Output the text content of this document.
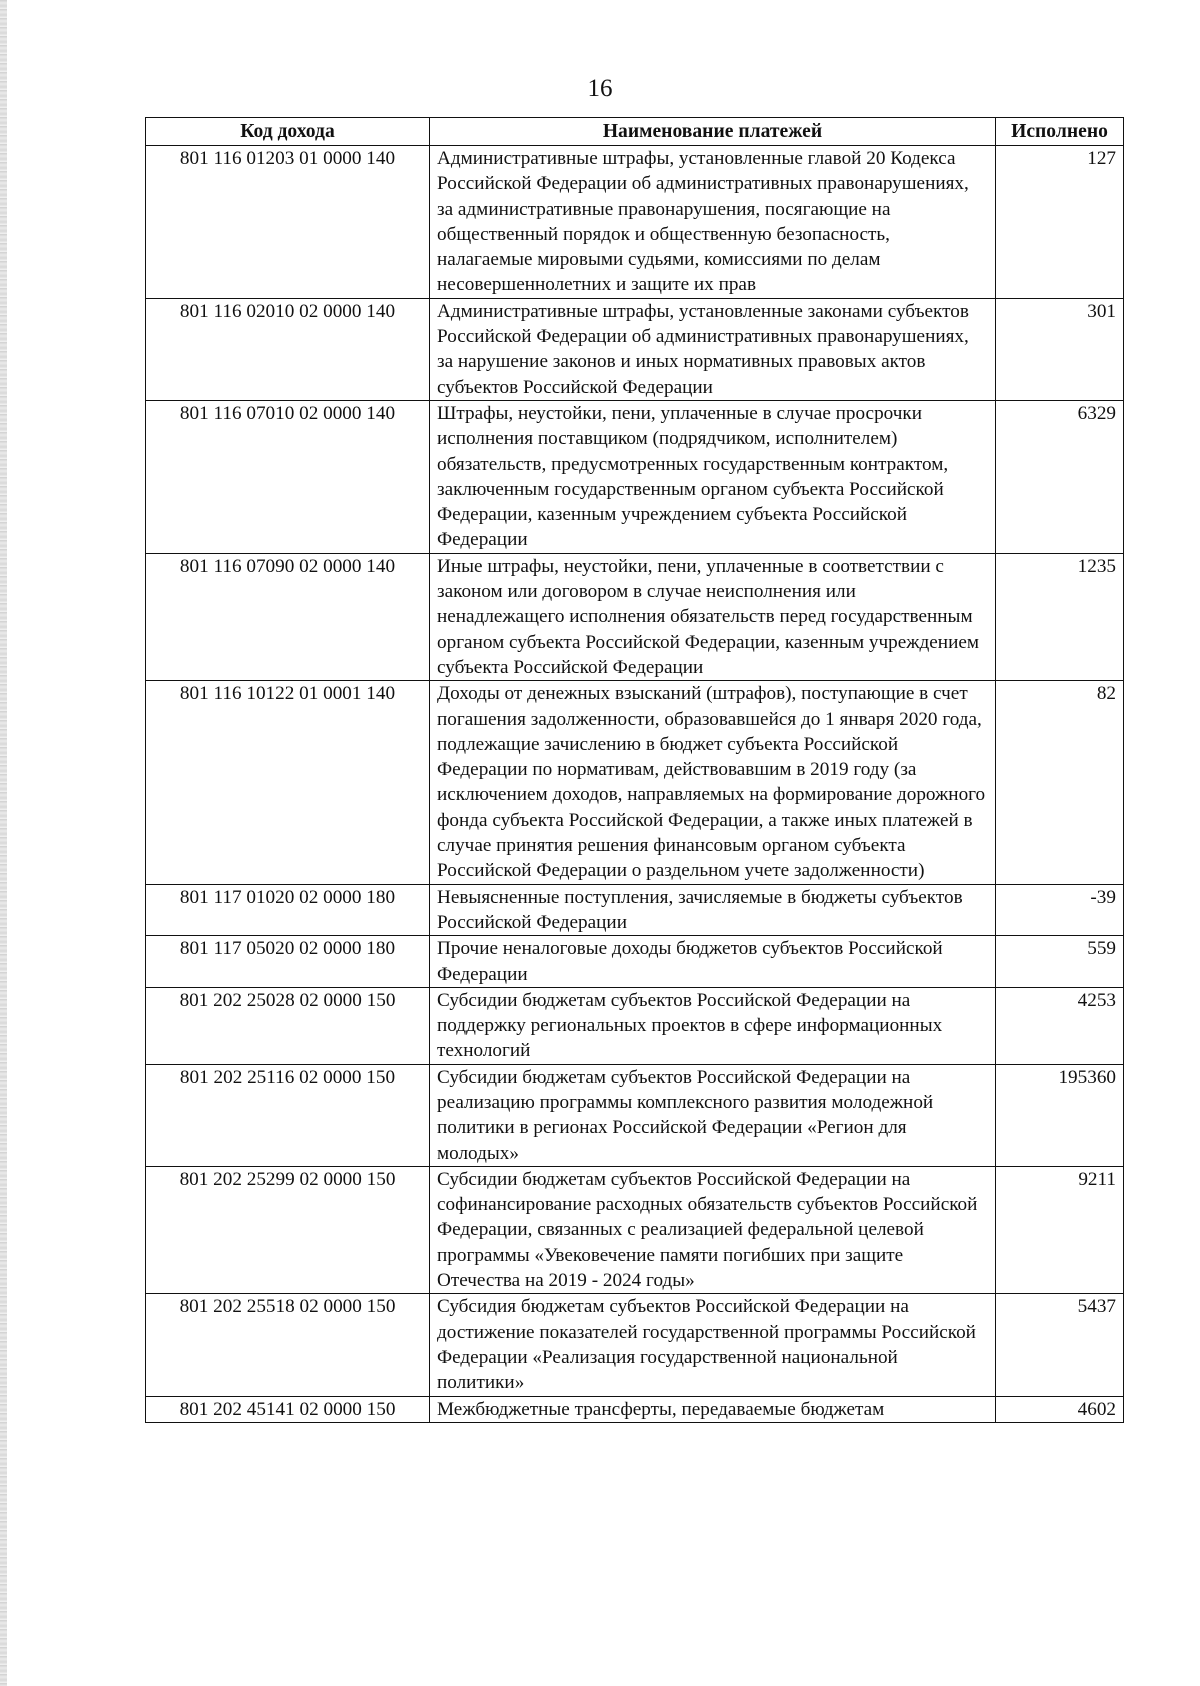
16
Код дохода	Наименование платежей	Исполнено
801 116 01203 01 0000 140	Административные штрафы, установленные главой 20 Кодекса Российской Федерации об административных правонарушениях, за административные правонарушения, посягающие на общественный порядок и общественную безопасность, налагаемые мировыми судьями, комиссиями по делам несовершеннолетних и защите их прав	127
801 116 02010 02 0000 140	Административные штрафы, установленные законами субъектов Российской Федерации об административных правонарушениях, за нарушение законов и иных нормативных правовых актов субъектов Российской Федерации	301
801 116 07010 02 0000 140	Штрафы, неустойки, пени, уплаченные в случае просрочки исполнения поставщиком (подрядчиком, исполнителем) обязательств, предусмотренных государственным контрактом, заключенным государственным органом субъекта Российской Федерации, казенным учреждением субъекта Российской Федерации	6329
801 116 07090 02 0000 140	Иные штрафы, неустойки, пени, уплаченные в соответствии с законом или договором в случае неисполнения или ненадлежащего исполнения обязательств перед государственным органом субъекта Российской Федерации, казенным учреждением субъекта Российской Федерации	1235
801 116 10122 01 0001 140	Доходы от денежных взысканий (штрафов), поступающие в счет погашения задолженности, образовавшейся до 1 января 2020 года, подлежащие зачислению в бюджет субъекта Российской Федерации по нормативам, действовавшим в 2019 году (за исключением доходов, направляемых на формирование дорожного фонда субъекта Российской Федерации, а также иных платежей в случае принятия решения финансовым органом субъекта Российской Федерации о раздельном учете задолженности)	82
801 117 01020 02 0000 180	Невыясненные поступления, зачисляемые в бюджеты субъектов Российской Федерации	-39
801 117 05020 02 0000 180	Прочие неналоговые доходы бюджетов субъектов Российской Федерации	559
801 202 25028 02 0000 150	Субсидии бюджетам субъектов Российской Федерации на поддержку региональных проектов в сфере информационных технологий	4253
801 202 25116 02 0000 150	Субсидии бюджетам субъектов Российской Федерации на реализацию программы комплексного развития молодежной политики в регионах Российской Федерации «Регион для молодых»	195360
801 202 25299 02 0000 150	Субсидии бюджетам субъектов Российской Федерации на софинансирование расходных обязательств субъектов Российской Федерации, связанных с реализацией федеральной целевой программы «Увековечение памяти погибших при защите Отечества на 2019 - 2024 годы»	9211
801 202 25518 02 0000 150	Субсидия бюджетам субъектов Российской Федерации на достижение показателей государственной программы Российской Федерации «Реализация государственной национальной политики»	5437
801 202 45141 02 0000 150	Межбюджетные трансферты, передаваемые бюджетам	4602
